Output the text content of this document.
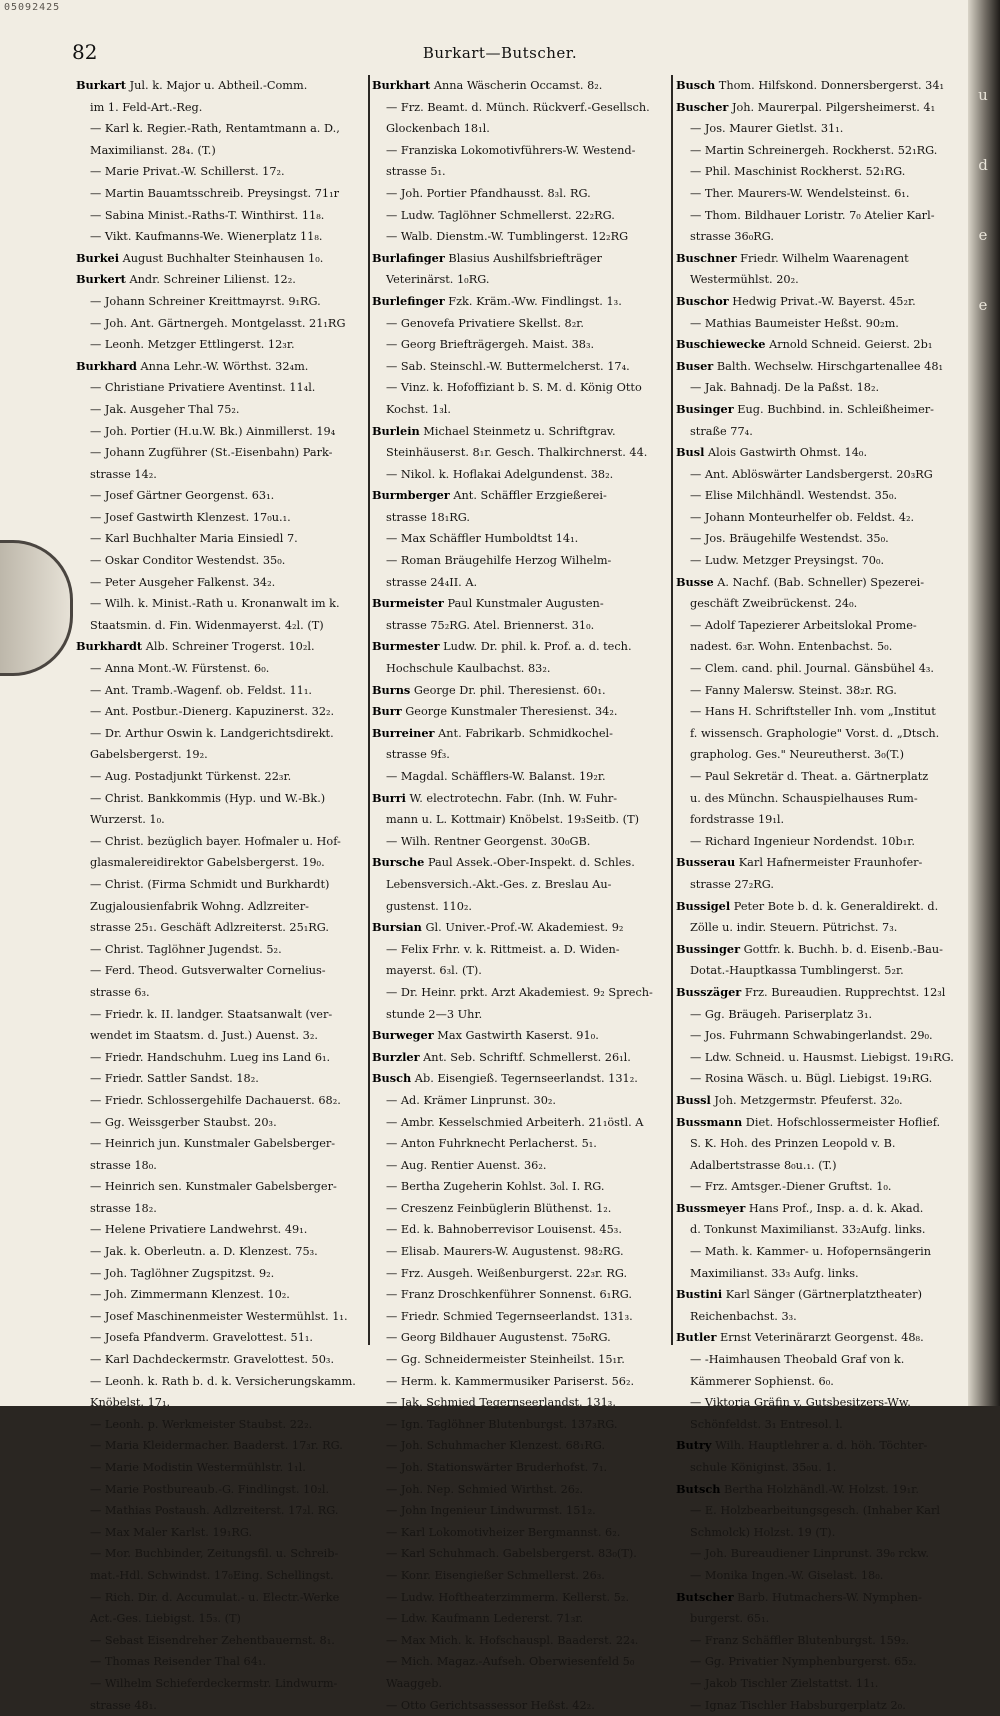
05092425
82	Burkart—Butscher.
Burkart Jul. k. Major u. Abtheil.-Comm.
im 1. Feld-Art.-Reg.
— Karl k. Regier.-Rath, Rentamtmann a. D.,
Maximilianst. 28₄. (T.)
— Marie Privat.-W. Schillerst. 17₂.
— Martin Bauamtsschreib. Preysingst. 71₁r
— Sabina Minist.-Raths-T. Winthirst. 11₈.
— Vikt. Kaufmanns-We. Wienerplatz 11₈.
Burkei August Buchhalter Steinhausen 1₀.
Burkert Andr. Schreiner Lilienst. 12₂.
— Johann Schreiner Kreittmayrst. 9₁RG.
— Joh. Ant. Gärtnergeh. Montgelasst. 21₁RG
— Leonh. Metzger Ettlingerst. 12₃r.
Burkhard Anna Lehr.-W. Wörthst. 32₄m.
— Christiane Privatiere Aventinst. 11₄l.
— Jak. Ausgeher Thal 75₂.
— Joh. Portier (H.u.W. Bk.) Ainmillerst. 19₄
— Johann Zugführer (St.-Eisenbahn) Park-
strasse 14₂.
— Josef Gärtner Georgenst. 63₁.
— Josef Gastwirth Klenzest. 17₀u.₁.
— Karl Buchhalter Maria Einsiedl 7.
— Oskar Conditor Westendst. 35₀.
— Peter Ausgeher Falkenst. 34₂.
— Wilh. k. Minist.-Rath u. Kronanwalt im k.
Staatsmin. d. Fin. Widenmayerst. 4₂l. (T)
Burkhardt Alb. Schreiner Trogerst. 10₂l.
— Anna Mont.-W. Fürstenst. 6₀.
— Ant. Tramb.-Wagenf. ob. Feldst. 11₁.
— Ant. Postbur.-Dienerg. Kapuzinerst. 32₂.
— Dr. Arthur Oswin k. Landgerichtsdirekt.
Gabelsbergerst. 19₂.
— Aug. Postadjunkt Türkenst. 22₃r.
— Christ. Bankkommis (Hyp. und W.-Bk.)
Wurzerst. 1₀.
— Christ. bezüglich bayer. Hofmaler u. Hof-
glasmalereidirektor Gabelsbergerst. 19₀.
— Christ. (Firma Schmidt und Burkhardt)
Zugjalousienfabrik Wohng. Adlzreiter-
strasse 25₁. Geschäft Adlzreiterst. 25₁RG.
— Christ. Taglöhner Jugendst. 5₂.
— Ferd. Theod. Gutsverwalter Cornelius-
strasse 6₃.
— Friedr. k. II. landger. Staatsanwalt (ver-
wendet im Staatsm. d. Just.) Auenst. 3₂.
— Friedr. Handschuhm. Lueg ins Land 6₁.
— Friedr. Sattler Sandst. 18₂.
— Friedr. Schlossergehilfe Dachauerst. 68₂.
— Gg. Weissgerber Staubst. 20₃.
— Heinrich jun. Kunstmaler Gabelsberger-
strasse 18₀.
— Heinrich sen. Kunstmaler Gabelsberger-
strasse 18₂.
— Helene Privatiere Landwehrst. 49₁.
— Jak. k. Oberleutn. a. D. Klenzest. 75₃.
— Joh. Taglöhner Zugspitzst. 9₂.
— Joh. Zimmermann Klenzest. 10₂.
— Josef Maschinenmeister Westermühlst. 1₁.
— Josefa Pfandverm. Gravelottest. 51₁.
— Karl Dachdeckermstr. Gravelottest. 50₃.
— Leonh. k. Rath b. d. k. Versicherungskamm.
Knöbelst. 17₁.
— Leonh. p. Werkmeister Staubst. 22₂.
— Maria Kleidermacher. Baaderst. 17₃r. RG.
— Marie Modistin Westermühlstr. 1₁l.
— Marie Postbureaub.-G. Findlingst. 10₂l.
— Mathias Postaush. Adlzreiterst. 17₂l. RG.
— Max Maler Karlst. 19₁RG.
— Mor. Buchbinder, Zeitungsfil. u. Schreib-
mat.-Hdl. Schwindst. 17₀Eing. Schellingst.
— Rich. Dir. d. Accumulat.- u. Electr.-Werke
Act.-Ges. Liebigst. 15₃. (T)
— Sebast Eisendreher Zehentbauernst. 8₁.
— Thomas Reisender Thal 64₁.
— Wilhelm Schieferdeckermstr. Lindwurm-
strasse 48₁.
Burkhart Anna Wäscherin Occamst. 8₂.
— Frz. Beamt. d. Münch. Rückverf.-Gesellsch.
Glockenbach 18₁l.
— Franziska Lokomotivführers-W. Westend-
strasse 5₁.
— Joh. Portier Pfandhausst. 8₃l. RG.
— Ludw. Taglöhner Schmellerst. 22₂RG.
— Walb. Dienstm.-W. Tumblingerst. 12₂RG
Burlafinger Blasius Aushilfsbriefträger
Veterinärst. 1₀RG.
Burlefinger Fzk. Kräm.-Ww. Findlingst. 1₃.
— Genovefa Privatiere Skellst. 8₂r.
— Georg Briefträgergeh. Maist. 38₃.
— Sab. Steinschl.-W. Buttermelcherst. 17₄.
— Vinz. k. Hofoffiziant b. S. M. d. König Otto
Kochst. 1₃l.
Burlein Michael Steinmetz u. Schriftgrav.
Steinhäuserst. 8₁r. Gesch. Thalkirchnerst. 44.
— Nikol. k. Hoflakai Adelgundenst. 38₂.
Burmberger Ant. Schäffler Erzgießerei-
strasse 18₁RG.
— Max Schäffler Humboldtst 14₁.
— Roman Bräugehilfe Herzog Wilhelm-
strasse 24₄II. A.
Burmeister Paul Kunstmaler Augusten-
strasse 75₂RG. Atel. Briennerst. 31₀.
Burmester Ludw. Dr. phil. k. Prof. a. d. tech.
Hochschule Kaulbachst. 83₂.
Burns George Dr. phil. Theresienst. 60₁.
Burr George Kunstmaler Theresienst. 34₂.
Burreiner Ant. Fabrikarb. Schmidkochel-
strasse 9f₃.
— Magdal. Schäfflers-W. Balanst. 19₂r.
Burri W. electrotechn. Fabr. (Inh. W. Fuhr-
mann u. L. Kottmair) Knöbelst. 19₃Seitb. (T)
— Wilh. Rentner Georgenst. 30₀GB.
Bursche Paul Assek.-Ober-Inspekt. d. Schles.
Lebensversich.-Akt.-Ges. z. Breslau Au-
gustenst. 110₂.
Bursian Gl. Univer.-Prof.-W. Akademiest. 9₂
— Felix Frhr. v. k. Rittmeist. a. D. Widen-
mayerst. 6₃l. (T).
— Dr. Heinr. prkt. Arzt Akademiest. 9₂ Sprech-
stunde 2—3 Uhr.
Burweger Max Gastwirth Kaserst. 91₀.
Burzler Ant. Seb. Schriftf. Schmellerst. 26₁l.
Busch Ab. Eisengieß. Tegernseerlandst. 131₂.
— Ad. Krämer Linprunst. 30₂.
— Ambr. Kesselschmied Arbeiterh. 21₁östl. A
— Anton Fuhrknecht Perlacherst. 5₁.
— Aug. Rentier Auenst. 36₂.
— Bertha Zugeherin Kohlst. 3₀l. I. RG.
— Creszenz Feinbüglerin Blüthenst. 1₂.
— Ed. k. Bahnoberrevisor Louisenst. 45₃.
— Elisab. Maurers-W. Augustenst. 98₂RG.
— Frz. Ausgeh. Weißenburgerst. 22₃r. RG.
— Franz Droschkenführer Sonnenst. 6₁RG.
— Friedr. Schmied Tegernseerlandst. 131₃.
— Georg Bildhauer Augustenst. 75₀RG.
— Gg. Schneidermeister Steinheilst. 15₁r.
— Herm. k. Kammermusiker Pariserst. 56₂.
— Jak. Schmied Tegernseerlandst. 131₃.
— Ign. Taglöhner Blutenburgst. 137₃RG.
— Joh. Schuhmacher Klenzest. 68₁RG.
— Joh. Stationswärter Bruderhofst. 7₁.
— Joh. Nep. Schmied Wirthst. 26₂.
— John Ingenieur Lindwurmst. 151₂.
— Karl Lokomotivheizer Bergmannst. 6₂.
— Karl Schuhmach. Gabelsbergerst. 83₀(T).
— Konr. Eisengießer Schmellerst. 26₃.
— Ludw. Hoftheaterzimmerm. Kellerst. 5₂.
— Ldw. Kaufmann Ledererst. 71₃r.
— Max Mich. k. Hofschauspl. Baaderst. 22₄.
— Mich. Magaz.-Aufseh. Oberwiesenfeld 5₀
Waaggeb.
— Otto Gerichtsassessor Heßst. 42₂.
Busch Thom. Hilfskond. Donnersbergerst. 34₁
Buscher Joh. Maurerpal. Pilgersheimerst. 4₁
— Jos. Maurer Gietlst. 31₁.
— Martin Schreinergeh. Rockherst. 52₁RG.
— Phil. Maschinist Rockherst. 52₁RG.
— Ther. Maurers-W. Wendelsteinst. 6₁.
— Thom. Bildhauer Loristr. 7₀ Atelier Karl-
strasse 36₀RG.
Buschner Friedr. Wilhelm Waarenagent
Westermühlst. 20₂.
Buschor Hedwig Privat.-W. Bayerst. 45₂r.
— Mathias Baumeister Heßst. 90₂m.
Buschiewecke Arnold Schneid. Geierst. 2b₁
Buser Balth. Wechselw. Hirschgartenallee 48₁
— Jak. Bahnadj. De la Paßst. 18₂.
Businger Eug. Buchbind. in. Schleißheimer-
straße 77₄.
Busl Alois Gastwirth Ohmst. 14₀.
— Ant. Ablöswärter Landsbergerst. 20₃RG
— Elise Milchhändl. Westendst. 35₀.
— Johann Monteurhelfer ob. Feldst. 4₂.
— Jos. Bräugehilfe Westendst. 35₀.
— Ludw. Metzger Preysingst. 70₀.
Busse A. Nachf. (Bab. Schneller) Spezerei-
geschäft Zweibrückenst. 24₀.
— Adolf Tapezierer Arbeitslokal Prome-
nadest. 6₃r. Wohn. Entenbachst. 5₀.
— Clem. cand. phil. Journal. Gänsbühel 4₃.
— Fanny Malersw. Steinst. 38₂r. RG.
— Hans H. Schriftsteller Inh. vom „Institut
f. wissensch. Graphologie" Vorst. d. „Dtsch.
grapholog. Ges." Neureutherst. 3₀(T.)
— Paul Sekretär d. Theat. a. Gärtnerplatz
u. des Münchn. Schauspielhauses Rum-
fordstrasse 19₁l.
— Richard Ingenieur Nordendst. 10b₁r.
Busserau Karl Hafnermeister Fraunhofer-
strasse 27₂RG.
Bussigel Peter Bote b. d. k. Generaldirekt. d.
Zölle u. indir. Steuern. Pütrichst. 7₃.
Bussinger Gottfr. k. Buchh. b. d. Eisenb.-Bau-
Dotat.-Hauptkassa Tumblingerst. 5₂r.
Busszäger Frz. Bureaudien. Rupprechtst. 12₃l
— Gg. Bräugeh. Pariserplatz 3₁.
— Jos. Fuhrmann Schwabingerlandst. 29₀.
— Ldw. Schneid. u. Hausmst. Liebigst. 19₁RG.
— Rosina Wäsch. u. Bügl. Liebigst. 19₁RG.
Bussl Joh. Metzgermstr. Pfeuferst. 32₀.
Bussmann Diet. Hofschlossermeister Hoflief.
S. K. Hoh. des Prinzen Leopold v. B.
Adalbertstrasse 8₀u.₁. (T.)
— Frz. Amtsger.-Diener Gruftst. 1₀.
Bussmeyer Hans Prof., Insp. a. d. k. Akad.
d. Tonkunst Maximilianst. 33₂Aufg. links.
— Math. k. Kammer- u. Hofopernsängerin
Maximilianst. 33₃ Aufg. links.
Bustini Karl Sänger (Gärtnerplatztheater)
Reichenbachst. 3₃.
Butler Ernst Veterinärarzt Georgenst. 48₈.
— -Haimhausen Theobald Graf von k.
Kämmerer Sophienst. 6₀.
— Viktoria Gräfin v. Gutsbesitzers-Ww.
Schönfeldst. 3₁ Entresol. l.
Butry Wilh. Hauptlehrer a. d. höh. Töchter-
schule Königinst. 35₀u. 1.
Butsch Bertha Holzhändl.-W. Holzst. 19₁r.
— E. Holzbearbeitungsgesch. (Inhaber Karl
Schmolck) Holzst. 19 (T).
— Joh. Bureaudiener Linprunst. 39₀ rckw.
— Monika Ingen.-W. Giselast. 18₀.
Butscher Barb. Hutmachers-W. Nymphen-
burgerst. 65₁.
— Franz Schäffler Blutenburgst. 159₂.
— Gg. Privatier Nymphenburgerst. 65₂.
— Jakob Tischler Zielstattst. 11₁.
— Ignaz Tischler Habsburgerplatz 2₀.
u
d
e
e
